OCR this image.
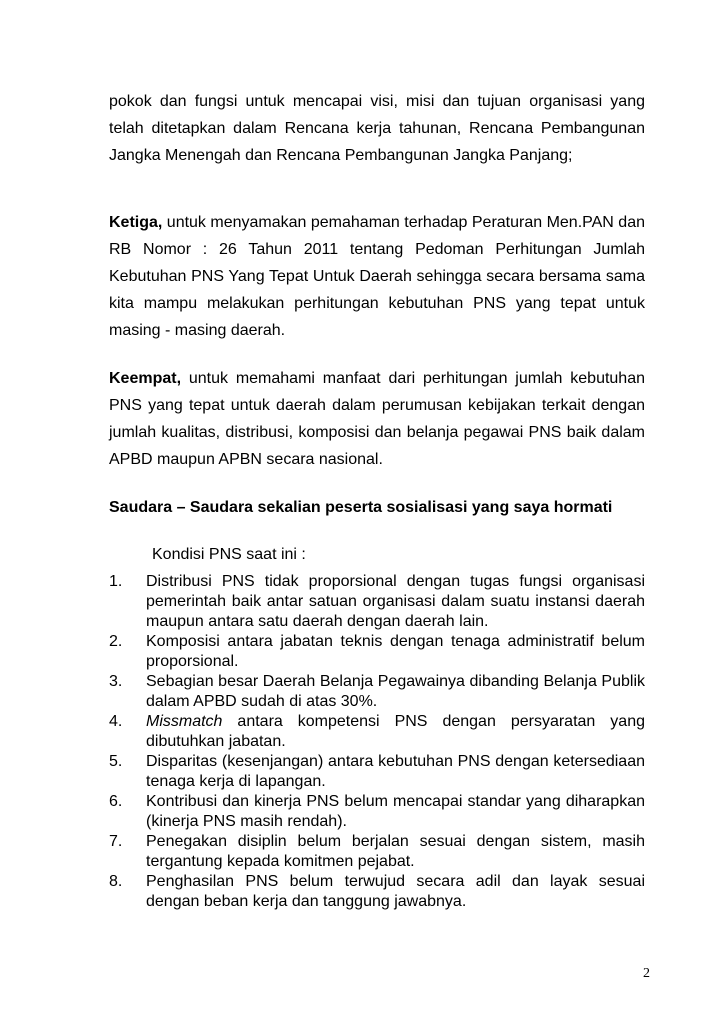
pokok dan fungsi untuk mencapai visi, misi dan tujuan organisasi yang telah ditetapkan dalam Rencana kerja tahunan, Rencana Pembangunan Jangka Menengah dan Rencana Pembangunan Jangka Panjang;

Ketiga, untuk menyamakan pemahaman terhadap Peraturan Men.PAN dan RB Nomor : 26 Tahun 2011 tentang Pedoman Perhitungan Jumlah Kebutuhan PNS Yang Tepat Untuk Daerah sehingga secara bersama sama kita mampu melakukan perhitungan kebutuhan PNS yang tepat untuk masing - masing daerah.

Keempat, untuk memahami manfaat dari perhitungan jumlah kebutuhan PNS yang tepat untuk daerah dalam perumusan kebijakan terkait dengan jumlah kualitas, distribusi, komposisi dan belanja pegawai PNS baik dalam APBD maupun APBN secara nasional.

Saudara – Saudara sekalian peserta sosialisasi yang saya hormati

Kondisi PNS saat ini :

1. Distribusi PNS tidak proporsional dengan tugas fungsi organisasi pemerintah baik antar satuan organisasi dalam suatu instansi daerah maupun antara satu daerah dengan daerah lain.
2. Komposisi antara jabatan teknis dengan tenaga administratif belum proporsional.
3. Sebagian besar Daerah Belanja Pegawainya dibanding Belanja Publik dalam APBD sudah di atas 30%.
4. Missmatch antara kompetensi PNS dengan persyaratan yang dibutuhkan jabatan.
5. Disparitas (kesenjangan) antara kebutuhan PNS dengan ketersediaan tenaga kerja di lapangan.
6. Kontribusi dan kinerja PNS belum mencapai standar yang diharapkan (kinerja PNS masih rendah).
7. Penegakan disiplin belum berjalan sesuai dengan sistem, masih tergantung kepada komitmen pejabat.
8. Penghasilan PNS belum terwujud secara adil dan layak sesuai dengan beban kerja dan tanggung jawabnya.
2
